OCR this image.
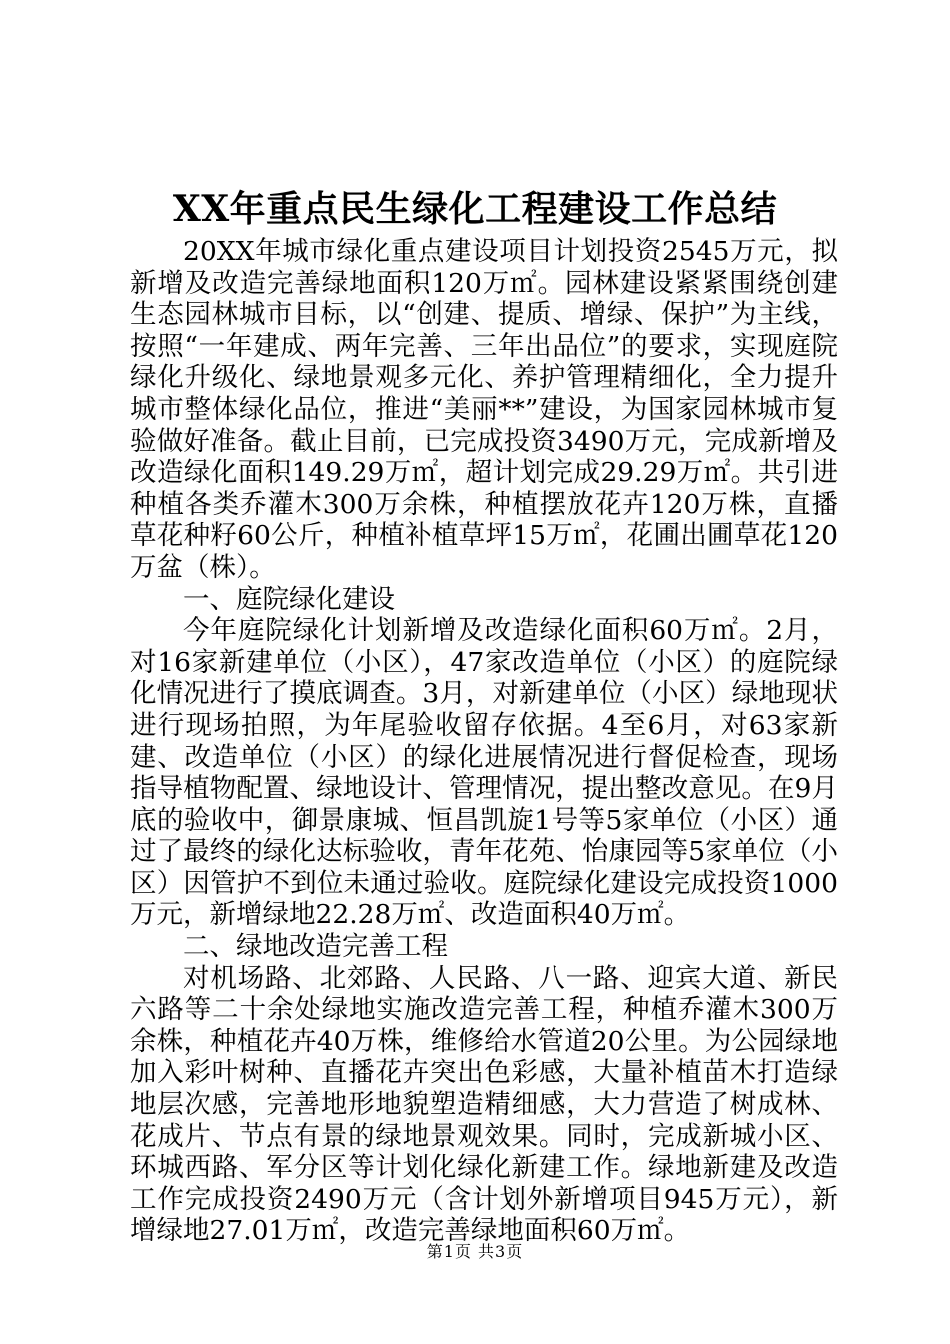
XX年重点民生绿化工程建设工作总结

20XX年城市绿化重点建设项目计划投资2545万元，拟新增及改造完善绿地面积120万㎡。园林建设紧紧围绕创建生态园林城市目标，以“创建、提质、增绿、保护”为主线，按照“一年建成、两年完善、三年出品位”的要求，实现庭院绿化升级化、绿地景观多元化、养护管理精细化，全力提升城市整体绿化品位，推进“美丽**”建设，为国家园林城市复验做好准备。截止目前，已完成投资3490万元，完成新增及改造绿化面积149.29万㎡，超计划完成29.29万㎡。共引进种植各类乔灌木300万余株，种植摆放花卉120万株，直播草花种籽60公斤，种植补植草坪15万㎡，花圃出圃草花120万盆（株）。

一、庭院绿化建设

今年庭院绿化计划新增及改造绿化面积60万㎡。2月，对16家新建单位（小区），47家改造单位（小区）的庭院绿化情况进行了摸底调查。3月，对新建单位（小区）绿地现状进行现场拍照，为年尾验收留存依据。4至6月，对63家新建、改造单位（小区）的绿化进展情况进行督促检查，现场指导植物配置、绿地设计、管理情况，提出整改意见。在9月底的验收中，御景康城、恒昌凯旋1号等5家单位（小区）通过了最终的绿化达标验收，青年花苑、怡康园等5家单位（小区）因管护不到位未通过验收。庭院绿化建设完成投资1000万元，新增绿地22.28万㎡、改造面积40万㎡。

二、绿地改造完善工程

对机场路、北郊路、人民路、八一路、迎宾大道、新民六路等二十余处绿地实施改造完善工程，种植乔灌木300万余株，种植花卉40万株，维修给水管道20公里。为公园绿地加入彩叶树种、直播花卉突出色彩感，大量补植苗木打造绿地层次感，完善地形地貌塑造精细感，大力营造了树成林、花成片、节点有景的绿地景观效果。同时，完成新城小区、环城西路、军分区等计划化绿化新建工作。绿地新建及改造工作完成投资2490万元（含计划外新增项目945万元），新增绿地27.01万㎡，改造完善绿地面积60万㎡。

第1页 共3页
